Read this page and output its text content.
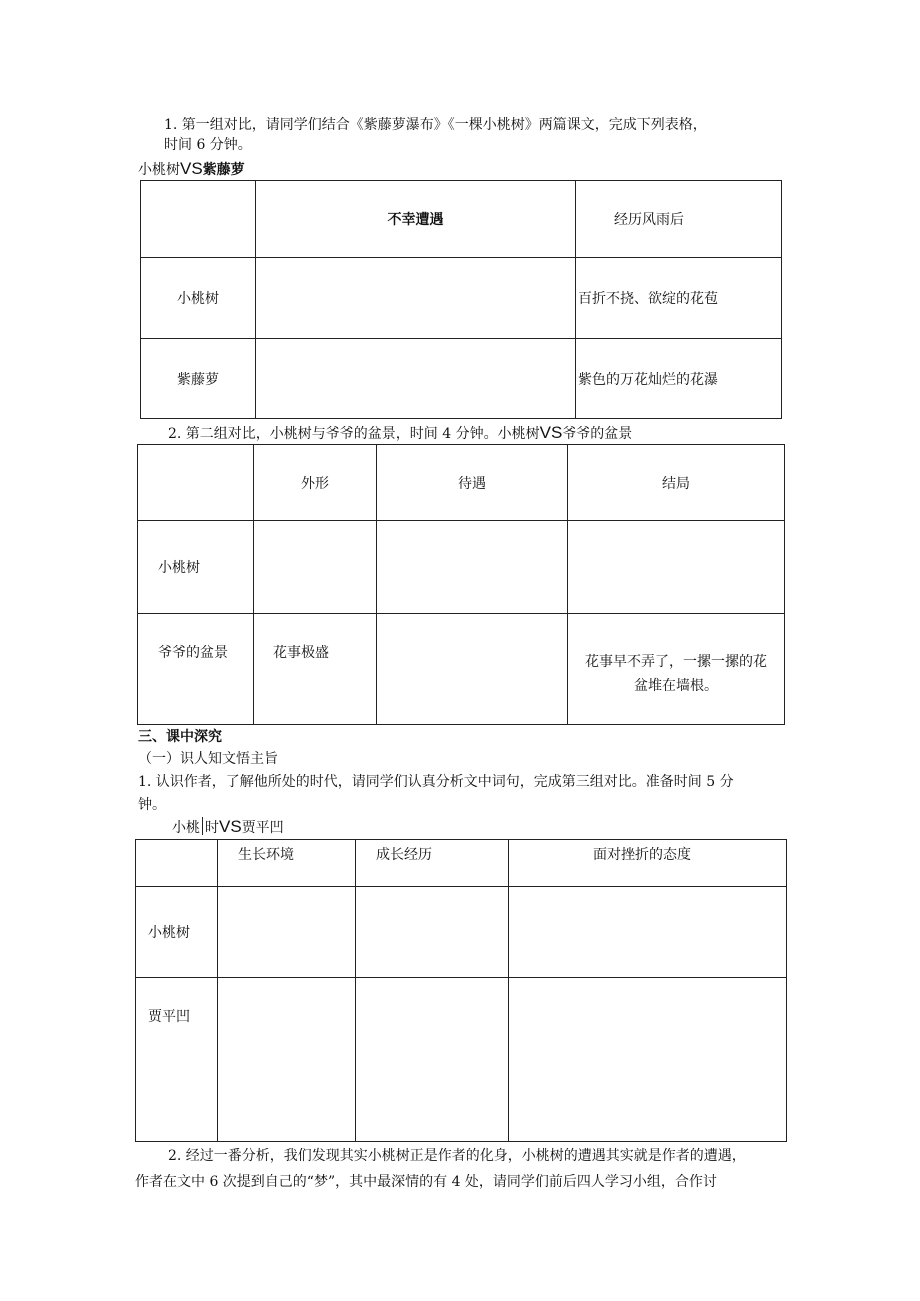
1. 第一组对比，请同学们结合《紫藤萝瀑布》《一棵小桃树》两篇课文，完成下列表格，
时间 6 分钟。
小桃树VS紫藤萝
	不幸遭遇	经历风雨后
小桃树		百折不挠、欲绽的花苞
紫藤萝		紫色的万花灿烂的花瀑
2. 第二组对比，小桃树与爷爷的盆景，时间 4 分钟。小桃树VS爷爷的盆景
	外形	待遇	结局
小桃树			
爷爷的盆景	花事极盛		花事早不弄了，一摞一摞的花
盆堆在墙根。
三、课中深究
（一）识人知文悟主旨
1. 认识作者，了解他所处的时代，请同学们认真分析文中词句，完成第三组对比。准备时间 5 分
钟。
小桃 时VS贾平凹
	生长环境	成长经历	面对挫折的态度
小桃树			
贾平凹			
2. 经过一番分析，我们发现其实小桃树正是作者的化身，小桃树的遭遇其实就是作者的遭遇，
作者在文中 6 次提到自己的“梦”，其中最深情的有 4 处，请同学们前后四人学习小组，合作讨
